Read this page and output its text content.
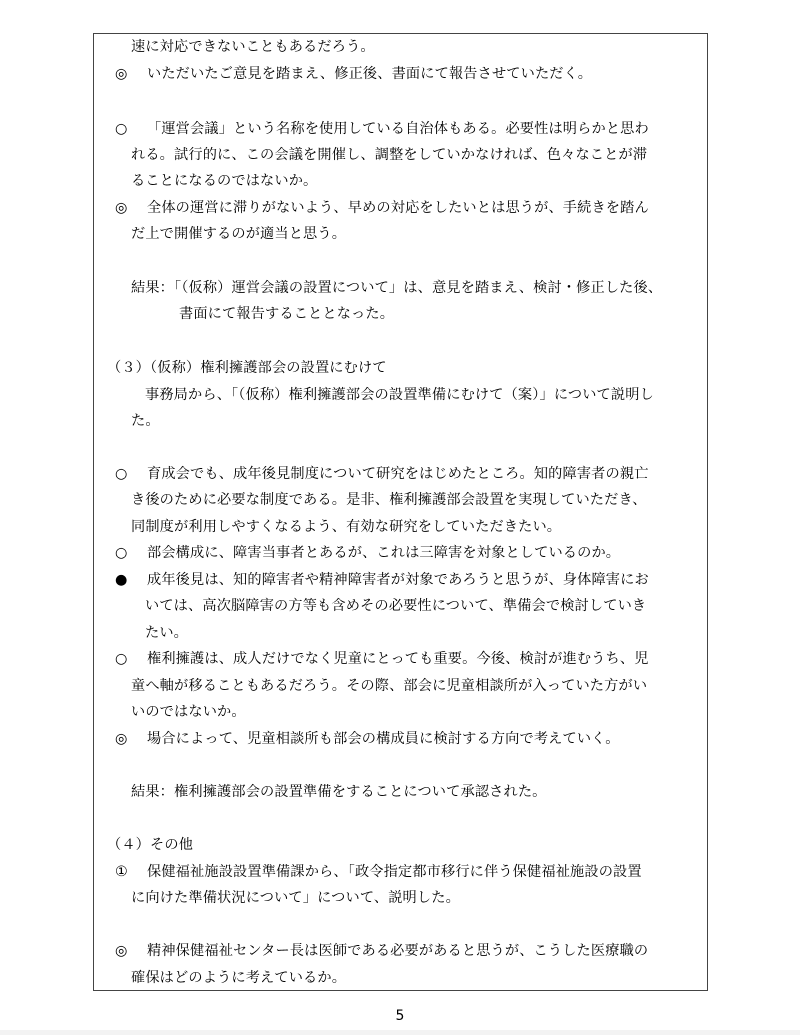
速に対応できないこともあるだろう。
◎ いただいたご意見を踏まえ、修正後、書面にて報告させていただく。
○ 「運営会議」という名称を使用している自治体もある。必要性は明らかと思わ
れる。試行的に、この会議を開催し、調整をしていかなければ、色々なことが滞
ることになるのではないか。
◎ 全体の運営に滞りがないよう、早めの対応をしたいとは思うが、手続きを踏ん
だ上で開催するのが適当と思う。
結果：「（仮称）運営会議の設置について」は、意見を踏まえ、検討・修正した後、
書面にて報告することとなった。
（３）（仮称）権利擁護部会の設置にむけて
事務局から、「（仮称）権利擁護部会の設置準備にむけて（案）」について説明し
た。
○ 育成会でも、成年後見制度について研究をはじめたところ。知的障害者の親亡
き後のために必要な制度である。是非、権利擁護部会設置を実現していただき、
同制度が利用しやすくなるよう、有効な研究をしていただきたい。
○ 部会構成に、障害当事者とあるが、これは三障害を対象としているのか。
● 成年後見は、知的障害者や精神障害者が対象であろうと思うが、身体障害にお
いては、高次脳障害の方等も含めその必要性について、準備会で検討していき
たい。
○ 権利擁護は、成人だけでなく児童にとっても重要。今後、検討が進むうち、児
童へ軸が移ることもあるだろう。その際、部会に児童相談所が入っていた方がい
いのではないか。
◎ 場合によって、児童相談所も部会の構成員に検討する方向で考えていく。
結果：権利擁護部会の設置準備をすることについて承認された。
（４）その他
① 保健福祉施設設置準備課から、「政令指定都市移行に伴う保健福祉施設の設置
に向けた準備状況について」について、説明した。
◎ 精神保健福祉センター長は医師である必要があると思うが、こうした医療職の
確保はどのように考えているか。
5
